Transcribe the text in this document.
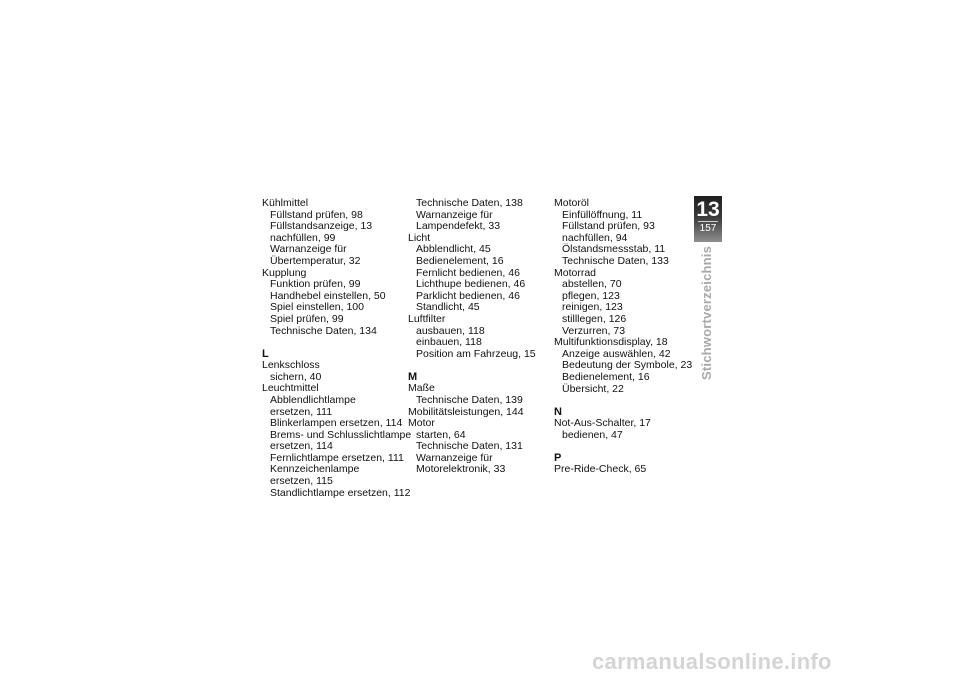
Kühlmittel
Füllstand prüfen, 98
Füllstandsanzeige, 13
nachfüllen, 99
Warnanzeige für
Übertemperatur, 32
Kupplung
Funktion prüfen, 99
Handhebel einstellen, 50
Spiel einstellen, 100
Spiel prüfen, 99
Technische Daten, 134
L
Lenkschloss
sichern, 40
Leuchtmittel
Abblendlichtlampe
ersetzen, 111
Blinkerlampen ersetzen, 114
Brems- und Schlusslichtlampe
ersetzen, 114
Fernlichtlampe ersetzen, 111
Kennzeichenlampe
ersetzen, 115
Standlichtlampe ersetzen, 112
Technische Daten, 138
Warnanzeige für
Lampendefekt, 33
Licht
Abblendlicht, 45
Bedienelement, 16
Fernlicht bedienen, 46
Lichthupe bedienen, 46
Parklicht bedienen, 46
Standlicht, 45
Luftfilter
ausbauen, 118
einbauen, 118
Position am Fahrzeug, 15
M
Maße
Technische Daten, 139
Mobilitätsleistungen, 144
Motor
starten, 64
Technische Daten, 131
Warnanzeige für
Motorelektronik, 33
Motoröl
Einfüllöffnung, 11
Füllstand prüfen, 93
nachfüllen, 94
Ölstandsmessstab, 11
Technische Daten, 133
Motorrad
abstellen, 70
pflegen, 123
reinigen, 123
stilllegen, 126
Verzurren, 73
Multifunktionsdisplay, 18
Anzeige auswählen, 42
Bedeutung der Symbole, 23
Bedienelement, 16
Übersicht, 22
N
Not-Aus-Schalter, 17
bedienen, 47
P
Pre-Ride-Check, 65
13
157
Stichwortverzeichnis
carmanualsonline.info
